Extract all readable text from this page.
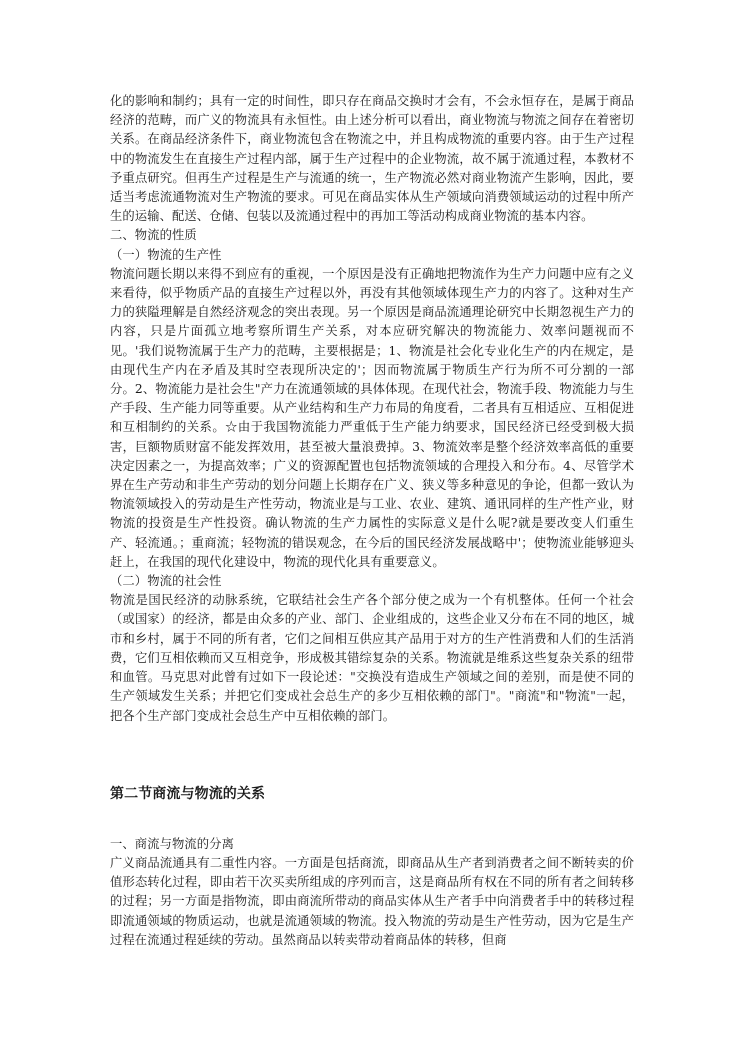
化的影响和制约；具有一定的时间性，即只存在商品交换时才会有，不会永恒存在，是属于商品经济的范畴，而广义的物流具有永恒性。由上述分析可以看出，商业物流与物流之间存在着密切关系。在商品经济条件下，商业物流包含在物流之中，并且构成物流的重要内容。由于生产过程中的物流发生在直接生产过程内部，属于生产过程中的企业物流，故不属于流通过程，本教材不予重点研究。但再生产过程是生产与流通的统一，生产物流必然对商业物流产生影响，因此，要适当考虑流通物流对生产物流的要求。可见在商品实体从生产领域向消费领域运动的过程中所产生的运输、配送、仓储、包装以及流通过程中的再加工等活动构成商业物流的基本内容。

二、物流的性质

（一）物流的生产性

物流问题长期以来得不到应有的重视，一个原因是没有正确地把物流作为生产力问题中应有之义来看待，似乎物质产品的直接生产过程以外，再没有其他领域体现生产力的内容了。这种对生产力的狭隘理解是自然经济观念的突出表现。另一个原因是商品流通理论研究中长期忽视生产力的内容，只是片面孤立地考察所谓生产关系，对本应研究解决的物流能力、效率问题视而不见。'我们说物流属于生产力的范畴，主要根据是；1、物流是社会化专业化生产的内在规定，是由现代生产内在矛盾及其时空表现所决定的'；因而物流属于物质生产行为所不可分割的一部分。2、物流能力是社会生"产力在流通领域的具体体现。在现代社会，物流手段、物流能力与生产手段、生产能力同等重要。从产业结构和生产力布局的角度看，二者具有互相适应、互相促进和互相制约的关系。☆由于我国物流能力严重低于生产能力纳要求，国民经济已经受到极大损害，巨额物质财富不能发挥效用，甚至被大量浪费掉。3、物流效率是整个经济效率高低的重要决定因素之一，为提高效率；广义的资源配置也包括物流领域的合理投入和分布。4、尽管学术界在生产劳动和非生产劳动的划分问题上长期存在广义、狭义等多种意见的争论，但都一致认为物流领域投入的劳动是生产性劳动，物流业是与工业、农业、建筑、通讯同样的生产性产业，财物流的投资是生产性投资。确认物流的生产力属性的实际意义是什么呢?就是要改变人们重生产、轻流通。；重商流；轻物流的错误观念，在今后的国民经济发展战略中'；使物流业能够迎头赶上，在我国的现代化建设中，物流的现代化具有重要意义。

（二）物流的社会性

物流是国民经济的动脉系统，它联结社会生产各个部分使之成为一个有机整体。任何一个社会（或国家）的经济，都是由众多的产业、部门、企业组成的，这些企业又分布在不同的地区，城市和乡村，属于不同的所有者，它们之间相互供应其产品用于对方的生产性消费和人们的生活消费，它们互相依赖而又互相竞争，形成极其错综复杂的关系。物流就是维系这些复杂关系的纽带和血管。马克思对此曾有过如下一段论述："交换没有造成生产领域之间的差别，而是使不同的生产领域发生关系；并把它们变成社会总生产的多少互相依赖的部门"。"商流"和"物流"一起，把各个生产部门变成社会总生产中互相依赖的部门。

第二节商流与物流的关系

一、商流与物流的分离

广义商品流通具有二重性内容。一方面是包括商流，即商品从生产者到消费者之间不断转卖的价值形态转化过程，即由若干次买卖所组成的序列而言，这是商品所有权在不同的所有者之间转移的过程；另一方面是指物流，即由商流所带动的商品实体从生产者手中向消费者手中的转移过程即流通领域的物质运动，也就是流通领域的物流。投入物流的劳动是生产性劳动，因为它是生产过程在流通过程延续的劳动。虽然商品以转卖带动着商品体的转移，但商
